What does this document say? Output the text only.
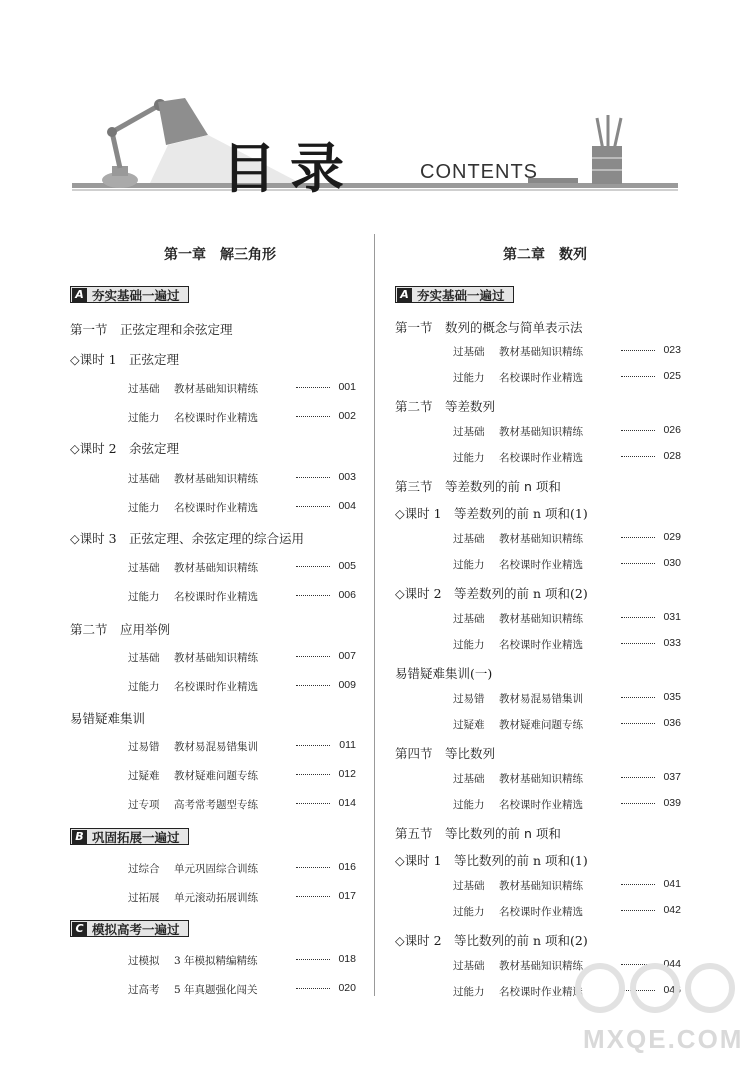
目录	CONTENTS
第一章　解三角形
A 夯实基础一遍过
第一节　正弦定理和余弦定理
◇课时 1　正弦定理
过基础 教材基础知识精练	001
过能力 名校课时作业精选	002
◇课时 2　余弦定理
过基础 教材基础知识精练	003
过能力 名校课时作业精选	004
◇课时 3　正弦定理、余弦定理的综合运用
过基础 教材基础知识精练	005
过能力 名校课时作业精选	006
第二节　应用举例
过基础 教材基础知识精练	007
过能力 名校课时作业精选	009
易错疑难集训
过易错 教材易混易错集训	011
过疑难 教材疑难问题专练	012
过专项 高考常考题型专练	014
B 巩固拓展一遍过
过综合 单元巩固综合训练	016
过拓展 单元滚动拓展训练	017
C 模拟高考一遍过
过模拟 3 年模拟精编精练	018
过高考 5 年真题强化闯关	020
第二章　数列
A 夯实基础一遍过
第一节　数列的概念与简单表示法
过基础 教材基础知识精练	023
过能力 名校课时作业精选	025
第二节　等差数列
过基础 教材基础知识精练	026
过能力 名校课时作业精选	028
第三节　等差数列的前 n 项和
◇课时 1　等差数列的前 n 项和(1)
过基础 教材基础知识精练	029
过能力 名校课时作业精选	030
◇课时 2　等差数列的前 n 项和(2)
过基础 教材基础知识精练	031
过能力 名校课时作业精选	033
易错疑难集训(一)
过易错 教材易混易错集训	035
过疑难 教材疑难问题专练	036
第四节　等比数列
过基础 教材基础知识精练	037
过能力 名校课时作业精选	039
第五节　等比数列的前 n 项和
◇课时 1　等比数列的前 n 项和(1)
过基础 教材基础知识精练	041
过能力 名校课时作业精选	042
◇课时 2　等比数列的前 n 项和(2)
过基础 教材基础知识精练	044
过能力 名校课时作业精选	046
MXQE.COM
